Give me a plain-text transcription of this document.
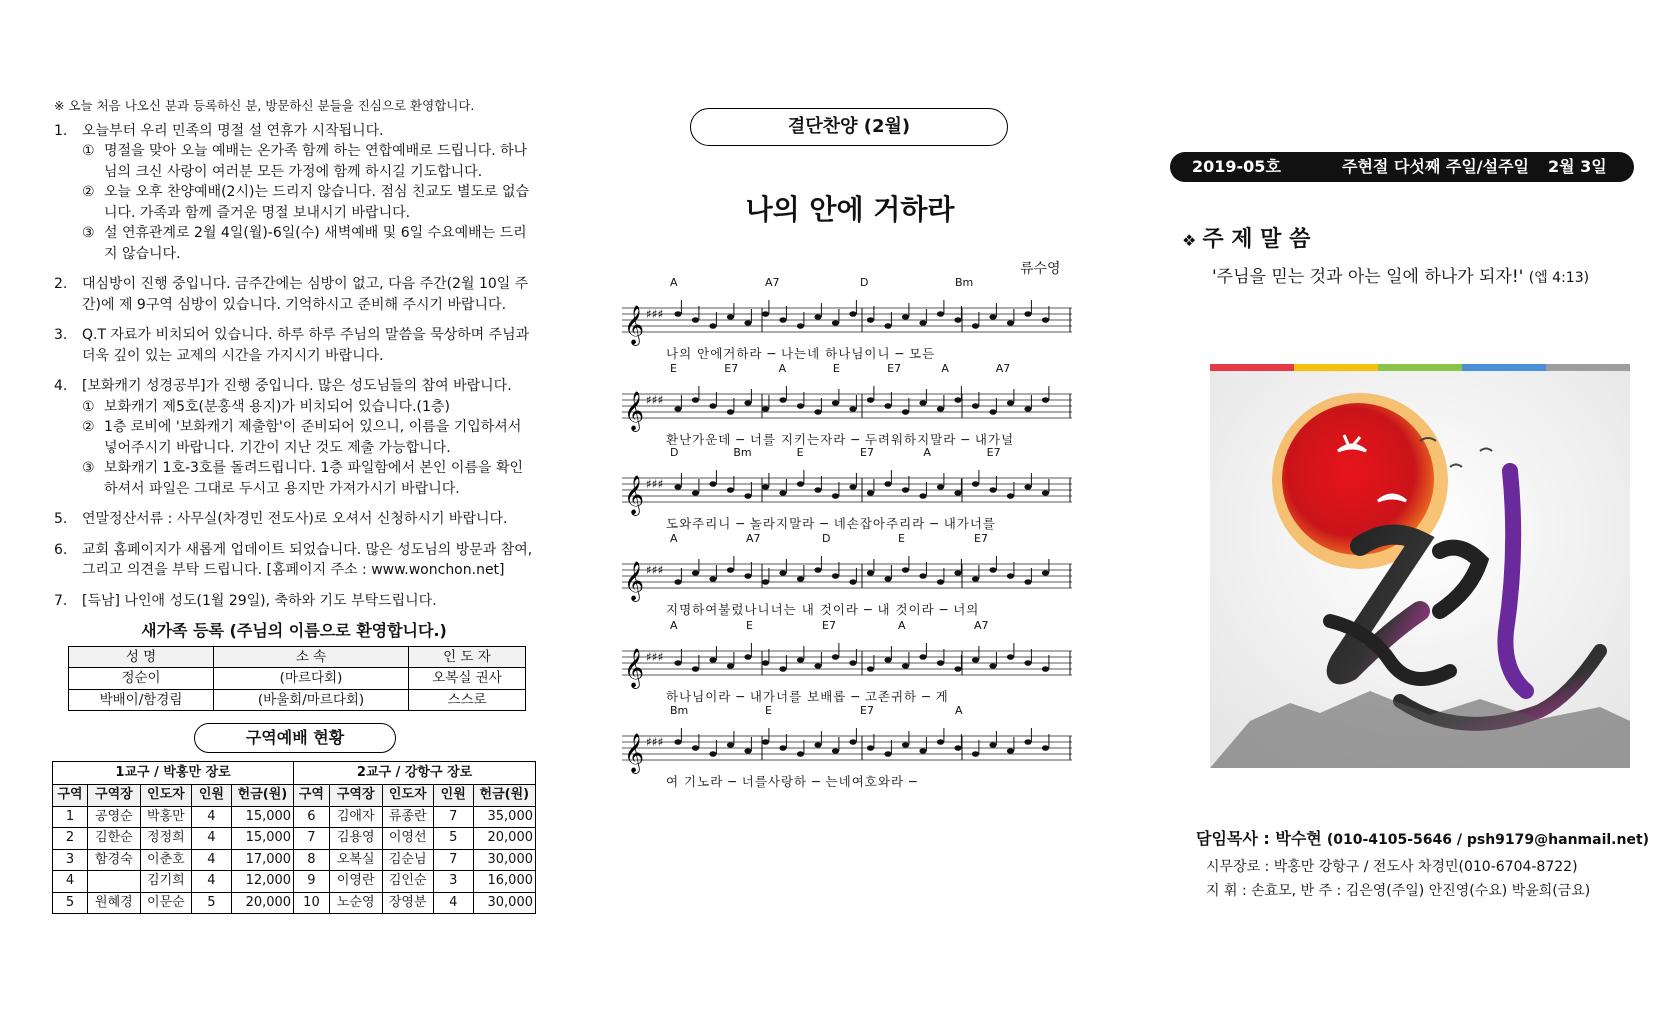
※ 오늘 처음 나오신 분과 등록하신 분, 방문하신 분들을 진심으로 환영합니다.
1.	오늘부터 우리 민족의 명절 설 연휴가 시작됩니다.
① 명절을 맞아 오늘 예배는 온가족 함께 하는 연합예배로 드립니다. 하나님의 크신 사랑이 여러분 모든 가정에 함께 하시길 기도합니다.
② 오늘 오후 찬양예배(2시)는 드리지 않습니다. 점심 친교도 별도로 없습니다. 가족과 함께 즐거운 명절 보내시기 바랍니다.
③ 설 연휴관계로 2월 4일(월)-6일(수) 새벽예배 및 6일 수요예배는 드리지 않습니다.
2.	대심방이 진행 중입니다. 금주간에는 심방이 없고, 다음 주간(2월 10일 주간)에 제 9구역 심방이 있습니다. 기억하시고 준비해 주시기 바랍니다.
3.	Q.T 자료가 비치되어 있습니다. 하루 하루 주님의 말씀을 묵상하며 주님과 더욱 깊이 있는 교제의 시간을 가지시기 바랍니다.
4.	[보화캐기 성경공부]가 진행 중입니다. 많은 성도님들의 참여 바랍니다.
① 보화캐기 제5호(분홍색 용지)가 비치되어 있습니다.(1층)
② 1층 로비에 '보화캐기 제출함'이 준비되어 있으니, 이름을 기입하셔서 넣어주시기 바랍니다. 기간이 지난 것도 제출 가능합니다.
③ 보화캐기 1호-3호를 돌려드립니다. 1층 파일함에서 본인 이름을 확인하셔서 파일은 그대로 두시고 용지만 가져가시기 바랍니다.
5.	연말정산서류 : 사무실(차경민 전도사)로 오셔서 신청하시기 바랍니다.
6.	교회 홈페이지가 새롭게 업데이트 되었습니다. 많은 성도님의 방문과 참여, 그리고 의견을 부탁 드립니다. [홈페이지 주소 : www.wonchon.net]
7.	[득남] 나인애 성도(1월 29일), 축하와 기도 부탁드립니다.
새가족 등록 (주님의 이름으로 환영합니다.)
성 명	소 속	인 도 자
정순이	(마르다회)	오복실 권사
박배이/함경림	(바울회/마르다회)	스스로
구역예배 현황
1교구 / 박홍만 장로					2교구 / 강항구 장로				
구역	구역장	인도자	인원	헌금(원)	구역	구역장	인도자	인원	헌금(원)
1	공영순	박홍만	4	15,000	6	김애자	류종란	7	35,000
2	김한순	정정희	4	15,000	7	김용영	이영선	5	20,000
3	함경숙	이춘호	4	17,000	8	오복실	김순님	7	30,000
4		김기희	4	12,000	9	이영란	김인순	3	16,000
5	원혜경	이문순	5	20,000	10	노순영	장영분	4	30,000
결단찬양 (2월)
나의 안에 거하라
류수영
A	A7	D	Bm
𝄞 ♯♯♯
나의 안에거하라 ─ 나는네 하나님이니 ─ 모든
E	E7	A	E	E7	A	A7
𝄞 ♯♯♯
환난가운데 ─ 너를 지키는자라 ─ 두려워하지말라 ─ 내가널
D	Bm	E	E7	A	E7
𝄞 ♯♯♯
도와주리니 ─ 놀라지말라 ─ 네손잡아주리라 ─ 내가너를
A	A7	D	E	E7
𝄞 ♯♯♯
지명하여불렀나니너는 내 것이라 ─ 내 것이라 ─ 너의
A	E	E7	A	A7
𝄞 ♯♯♯
하나님이라 ─ 내가너를 보배롭 ─ 고존귀하 ─ 게
Bm	E	E7	A
𝄞 ♯♯♯
여 기노라 ─ 너를사랑하 ─ 는네여호와라 ─
2019-05호	주현절 다섯째 주일/설주일 2월 3일
❖ 주 제 말 씀
'주님을 믿는 것과 아는 일에 하나가 되자!' (엡 4:13)
담임목사 : 박수현 (010-4105-5646 / psh9179@hanmail.net)
시무장로 : 박홍만 강항구 / 전도사 차경민(010-6704-8722)
지 휘 : 손효모, 반 주 : 김은영(주일) 안진영(수요) 박윤희(금요)
